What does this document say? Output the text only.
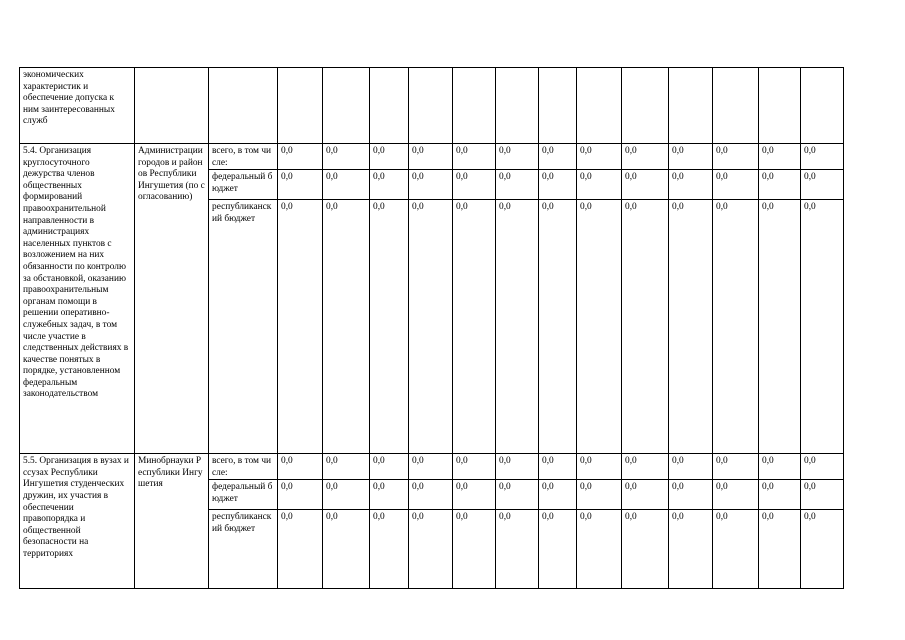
экономических характеристик и обеспечение допуска к ним заинтересованных служб															
5.4. Организация круглосуточного дежурства членов общественных формирований правоохранительной направленности в администрациях населенных пунктов с возложением на них обязанности по контролю за обстановкой, оказанию правоохранительным органам помощи в решении оперативно-служебных задач, в том числе участие в следственных действиях в качестве понятых в порядке, установленном федеральным законодательством	Администрации городов и районов Республики Ингушетия (по согласованию)	всего, в том числе:	0,0	0,0	0,0	0,0	0,0	0,0	0,0	0,0	0,0	0,0	0,0	0,0	0,0
		федеральный бюджет	0,0	0,0	0,0	0,0	0,0	0,0	0,0	0,0	0,0	0,0	0,0	0,0	0,0
		республиканский бюджет	0,0	0,0	0,0	0,0	0,0	0,0	0,0	0,0	0,0	0,0	0,0	0,0	0,0
5.5. Организация в вузах и ссузах Республики Ингушетия студенческих дружин, их участия в обеспечении правопорядка и общественной безопасности на территориях	Минобрнауки Республики Ингушетия	всего, в том числе:	0,0	0,0	0,0	0,0	0,0	0,0	0,0	0,0	0,0	0,0	0,0	0,0	0,0
		федеральный бюджет	0,0	0,0	0,0	0,0	0,0	0,0	0,0	0,0	0,0	0,0	0,0	0,0	0,0
		республиканский бюджет	0,0	0,0	0,0	0,0	0,0	0,0	0,0	0,0	0,0	0,0	0,0	0,0	0,0
